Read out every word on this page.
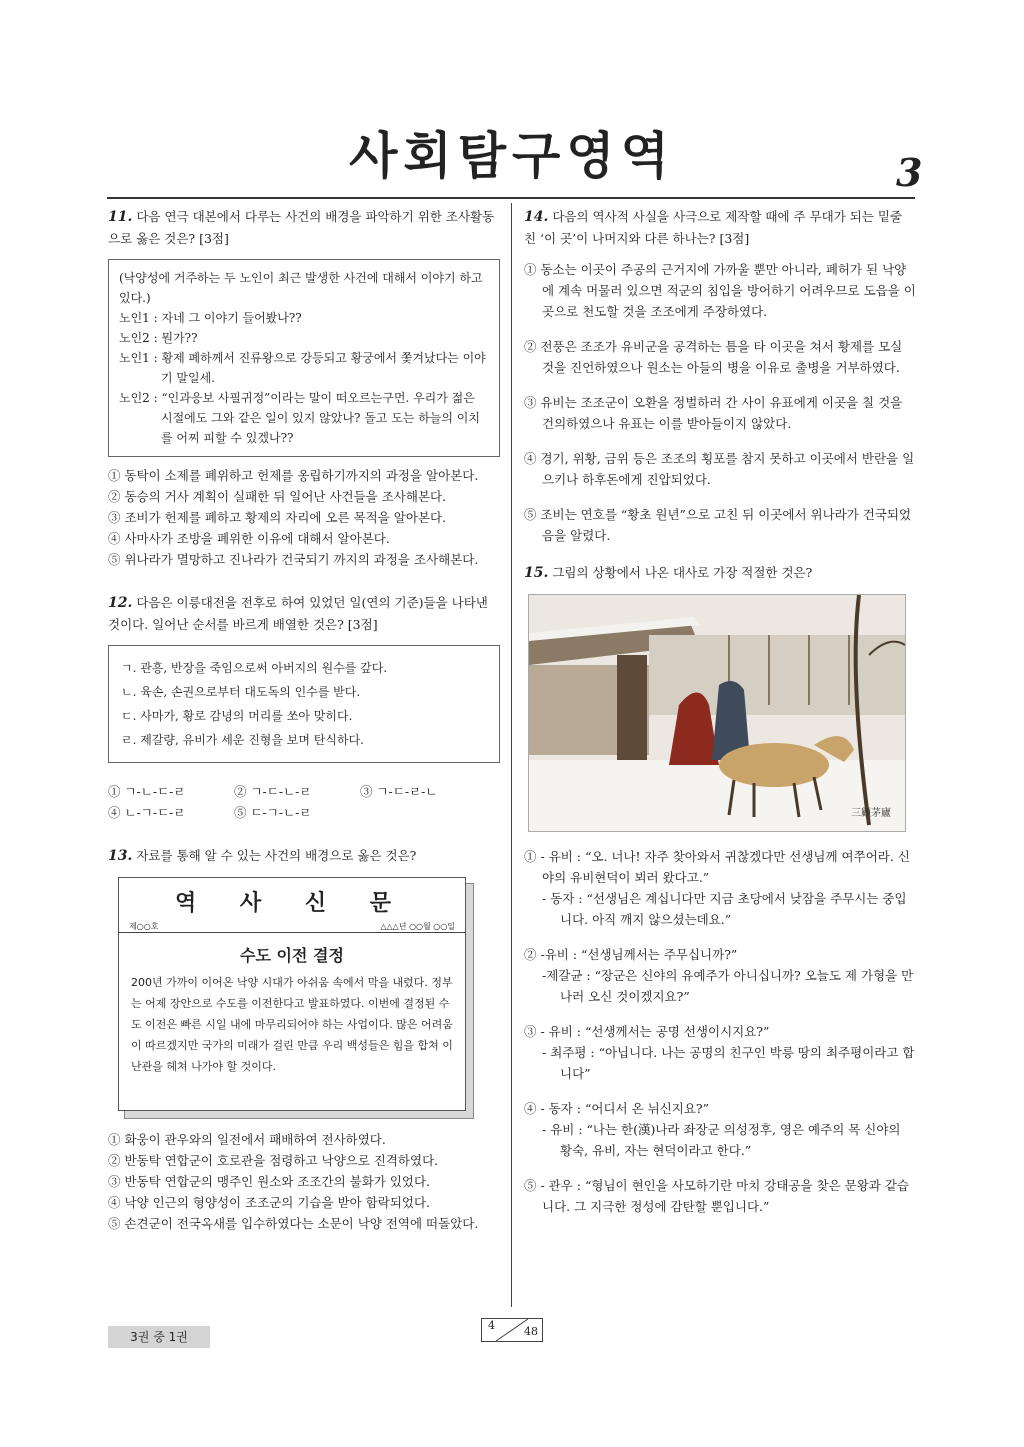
사회탐구영역	3

11. 다음 연극 대본에서 다루는 사건의 배경을 파악하기 위한 조사활동으로 옳은 것은? [3점]

(낙양성에 거주하는 두 노인이 최근 발생한 사건에 대해서 이야기 하고 있다.)

노인1 : 자네 그 이야기 들어봤나??

노인2 : 뭔가??

노인1 : 황제 폐하께서 진류왕으로 강등되고 황궁에서 쫓겨났다는 이야기 말일세.

노인2 : “인과응보 사필귀정”이라는 말이 떠오르는구먼. 우리가 젊은 시절에도 그와 같은 일이 있지 않았나? 돌고 도는 하늘의 이치를 어찌 피할 수 있겠나??

① 동탁이 소제를 폐위하고 헌제를 옹립하기까지의 과정을 알아본다.

② 동승의 거사 계획이 실패한 뒤 일어난 사건들을 조사해본다.

③ 조비가 헌제를 폐하고 황제의 자리에 오른 목적을 알아본다.

④ 사마사가 조방을 폐위한 이유에 대해서 알아본다.

⑤ 위나라가 멸망하고 진나라가 건국되기 까지의 과정을 조사해본다.

12. 다음은 이릉대전을 전후로 하여 있었던 일(연의 기준)들을 나타낸 것이다. 일어난 순서를 바르게 배열한 것은? [3점]

ㄱ. 관흥, 반장을 죽임으로써 아버지의 원수를 갚다.

ㄴ. 육손, 손권으로부터 대도독의 인수를 받다.

ㄷ. 사마가, 황로 감녕의 머리를 쏘아 맞히다.

ㄹ. 제갈량, 유비가 세운 진형을 보며 탄식하다.

① ㄱ-ㄴ-ㄷ-ㄹ	② ㄱ-ㄷ-ㄴ-ㄹ	③ ㄱ-ㄷ-ㄹ-ㄴ
④ ㄴ-ㄱ-ㄷ-ㄹ	⑤ ㄷ-ㄱ-ㄴ-ㄹ

13. 자료를 통해 알 수 있는 사건의 배경으로 옳은 것은?

역 사 신 문
제○○호	△△△년 ○○월 ○○일
수도 이전 결정
200년 가까이 이어온 낙양 시대가 아쉬움 속에서 막을 내렸다. 정부는 어제 장안으로 수도를 이전한다고 발표하였다. 이번에 결정된 수도 이전은 빠른 시일 내에 마무리되어야 하는 사업이다. 많은 어려움이 따르겠지만 국가의 미래가 걸린 만큼 우리 백성들은 힘을 합쳐 이 난관을 헤쳐 나가야 할 것이다.

① 화웅이 관우와의 일전에서 패배하여 전사하였다.

② 반동탁 연합군이 호로관을 점령하고 낙양으로 진격하였다.

③ 반동탁 연합군의 맹주인 원소와 조조간의 불화가 있었다.

④ 낙양 인근의 형양성이 조조군의 기습을 받아 함락되었다.

⑤ 손견군이 전국옥새를 입수하였다는 소문이 낙양 전역에 떠돌았다.

14. 다음의 역사적 사실을 사극으로 제작할 때에 주 무대가 되는 밑줄 친 ‘이 곳’이 나머지와 다른 하나는? [3점]

① 동소는 이곳이 주공의 근거지에 가까울 뿐만 아니라, 폐허가 된 낙양에 계속 머물러 있으면 적군의 침입을 방어하기 어려우므로 도읍을 이곳으로 천도할 것을 조조에게 주장하였다.

② 전풍은 조조가 유비군을 공격하는 틈을 타 이곳을 쳐서 황제를 모실 것을 진언하였으나 원소는 아들의 병을 이유로 출병을 거부하였다.

③ 유비는 조조군이 오환을 정벌하러 간 사이 유표에게 이곳을 칠 것을 건의하였으나 유표는 이를 받아들이지 않았다.

④ 경기, 위황, 금위 등은 조조의 횡포를 참지 못하고 이곳에서 반란을 일으키나 하후돈에게 진압되었다.

⑤ 조비는 연호를 “황초 원년”으로 고친 뒤 이곳에서 위나라가 건국되었음을 알렸다.

15. 그림의 상황에서 나온 대사로 가장 적절한 것은?

三顧茅廬
① - 유비 : “오. 너나! 자주 찾아와서 귀찮겠다만 선생님께 여쭈어라. 신야의 유비현덕이 뵈러 왔다고.”
- 동자 : “선생님은 계십니다만 지금 초당에서 낮잠을 주무시는 중입니다. 아직 깨지 않으셨는데요.”
② -유비 : “선생님께서는 주무십니까?”
-제갈균 : “장군은 신야의 유예주가 아니십니까? 오늘도 제 가형을 만나러 오신 것이겠지요?”
③ - 유비 : “선생께서는 공명 선생이시지요?”
- 최주평 : “아닙니다. 나는 공명의 친구인 박릉 땅의 최주평이라고 합니다”
④ - 동자 : “어디서 온 뉘신지요?”
- 유비 : “나는 한(漢)나라 좌장군 의성정후, 영은 예주의 목 신야의 황숙, 유비, 자는 현덕이라고 한다.”
⑤ - 관우 : “형님이 현인을 사모하기란 마치 강태공을 찾은 문왕과 같습니다. 그 지극한 정성에 감탄할 뿐입니다.”
3권 중 1권
4	48
